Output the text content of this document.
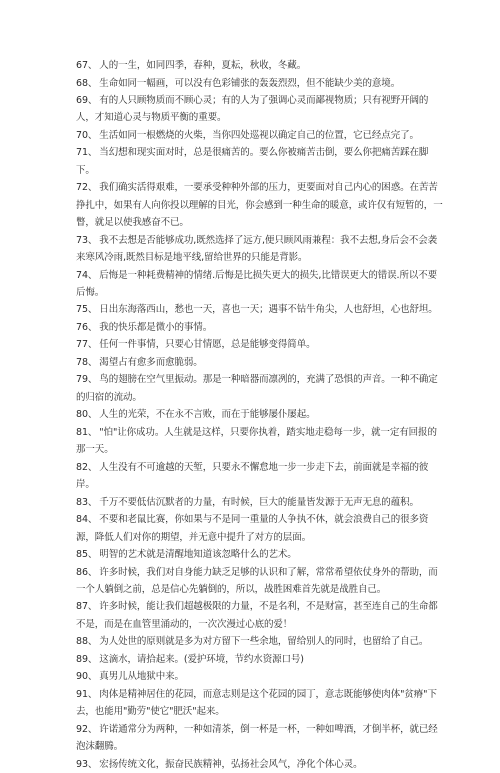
67、 人的一生，如同四季，春种，夏耘，秋收，冬藏。
68、 生命如同一幅画，可以没有色彩铺张的轰轰烈烈，但不能缺少美的意境。
69、 有的人只顾物质而不顾心灵；有的人为了强调心灵而鄙视物质；只有视野开阔的人，才知道心灵与物质平衡的重要。
70、 生活如同一根燃烧的火柴，当你四处巡视以确定自己的位置，它已经点完了。
71、 当幻想和现实面对时，总是很痛苦的。要么你被痛苦击倒，要么你把痛苦踩在脚下。
72、 我们确实活得艰难，一要承受种种外部的压力，更要面对自己内心的困惑。在苦苦挣扎中，如果有人向你投以理解的目光，你会感到一种生命的暖意，或许仅有短暂的，一瞥，就足以使我感奋不已。
73、 我不去想是否能够成功,既然选择了远方,便只顾风雨兼程：我不去想,身后会不会袭来寒风冷雨,既然目标是地平线,留给世界的只能是背影。
74、 后悔是一种耗费精神的情绪.后悔是比损失更大的损失,比错误更大的错误.所以不要后悔。
75、 日出东海落西山，愁也一天，喜也一天；遇事不钻牛角尖，人也舒坦，心也舒坦。
76、 我的快乐都是微小的事情。
77、 任何一件事情，只要心甘情愿，总是能够变得简单。
78、 渴望占有愈多而愈脆弱。
79、 鸟的翅膀在空气里振动。那是一种暗器而凛冽的，充满了恐惧的声音。一种不确定的归宿的流动。
80、 人生的光荣，不在永不言败，而在于能够屡仆屡起。
81、 "怕"让你成功。人生就是这样，只要你执着，踏实地走稳每一步，就一定有回报的那一天。
82、 人生没有不可逾越的天堑，只要永不懈怠地一步一步走下去，前面就是幸福的彼岸。
83、 千万不要低估沉默者的力量，有时候，巨大的能量皆发源于无声无息的蕴积。
84、 不要和老鼠比赛，你如果与不是同一重量的人争执不休，就会浪费自己的很多资源，降低人们对你的期望，并无意中提升了对方的层面。
85、 明智的艺术就是清醒地知道该忽略什么的艺术。
86、 许多时候，我们对自身能力缺乏足够的认识和了解，常常希望依仗身外的帮助，而一个人躺倒之前，总是信心先躺倒的，所以，战胜困难首先就是战胜自己。
87、 许多时候，能让我们超越极限的力量，不是名利，不是财富，甚至连自己的生命都不是，而是在血管里涌动的，一次次漫过心底的爱！
88、 为人处世的原则就是多为对方留下一些余地，留给别人的同时，也留给了自己。
89、 这滴水，请拾起来。(爱护环境，节约水资源口号)
90、 真男儿从地狱中来。
91、 肉体是精神居住的花园，而意志则是这个花园的园丁，意志既能够使肉体"贫瘠"下去，也能用"勤劳"使它"肥沃"起来。
92、 许诺通常分为两种，一种如清茶，倒一杯是一杯，一种如啤酒，才倒半杯，就已经泡沫翻腾。
93、 宏扬传统文化，振奋民族精神，弘扬社会风气，净化个体心灵。
